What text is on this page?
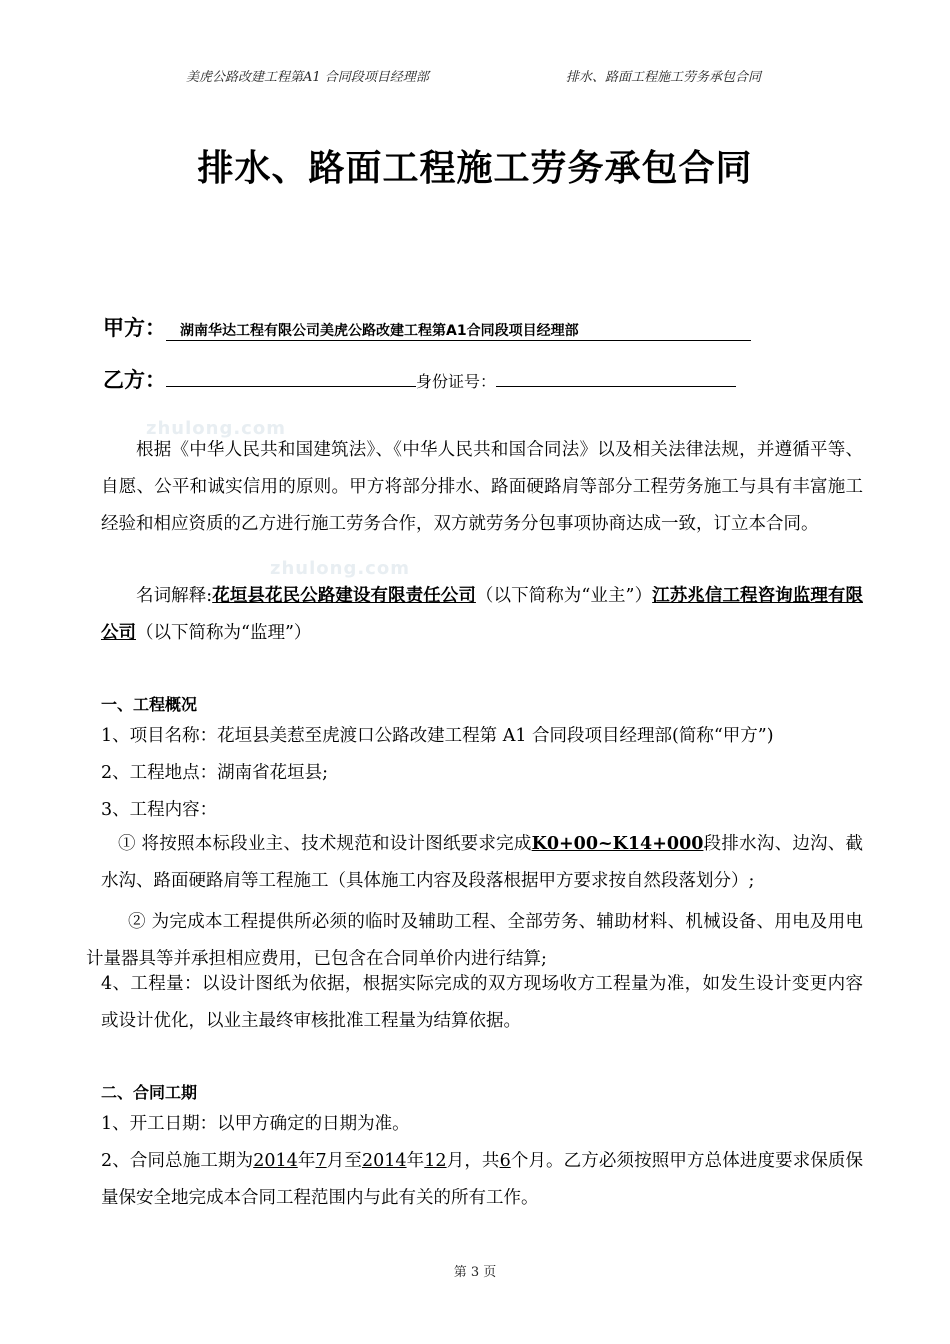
美虎公路改建工程第A1 合同段项目经理部	排水、路面工程施工劳务承包合同
排水、路面工程施工劳务承包合同
甲方： 湖南华达工程有限公司美虎公路改建工程第A1合同段项目经理部
乙方：	身份证号：
zhulong.com
zhulong.com
根据《中华人民共和国建筑法》、《中华人民共和国合同法》以及相关法律法规，并遵循平等、自愿、公平和诚实信用的原则。甲方将部分排水、路面硬路肩等部分工程劳务施工与具有丰富施工经验和相应资质的乙方进行施工劳务合作，双方就劳务分包事项协商达成一致，订立本合同。
名词解释:花垣县花民公路建设有限责任公司（以下简称为“业主”）江苏兆信工程咨询监理有限公司（以下简称为“监理”）
一、工程概况
1、项目名称：花垣县美惹至虎渡口公路改建工程第 A1 合同段项目经理部(简称“甲方”)
2、工程地点：湖南省花垣县;
3、工程内容：
① 将按照本标段业主、技术规范和设计图纸要求完成K0+00~K14+000段排水沟、边沟、截水沟、路面硬路肩等工程施工（具体施工内容及段落根据甲方要求按自然段落划分）;
② 为完成本工程提供所必须的临时及辅助工程、全部劳务、辅助材料、机械设备、用电及用电计量器具等并承担相应费用，已包含在合同单价内进行结算;
4、工程量：以设计图纸为依据，根据实际完成的双方现场收方工程量为准，如发生设计变更内容或设计优化，以业主最终审核批准工程量为结算依据。
二、合同工期
1、开工日期：以甲方确定的日期为准。
2、合同总施工期为2014年7月至2014年12月，共6个月。乙方必须按照甲方总体进度要求保质保量保安全地完成本合同工程范围内与此有关的所有工作。
第 3 页
